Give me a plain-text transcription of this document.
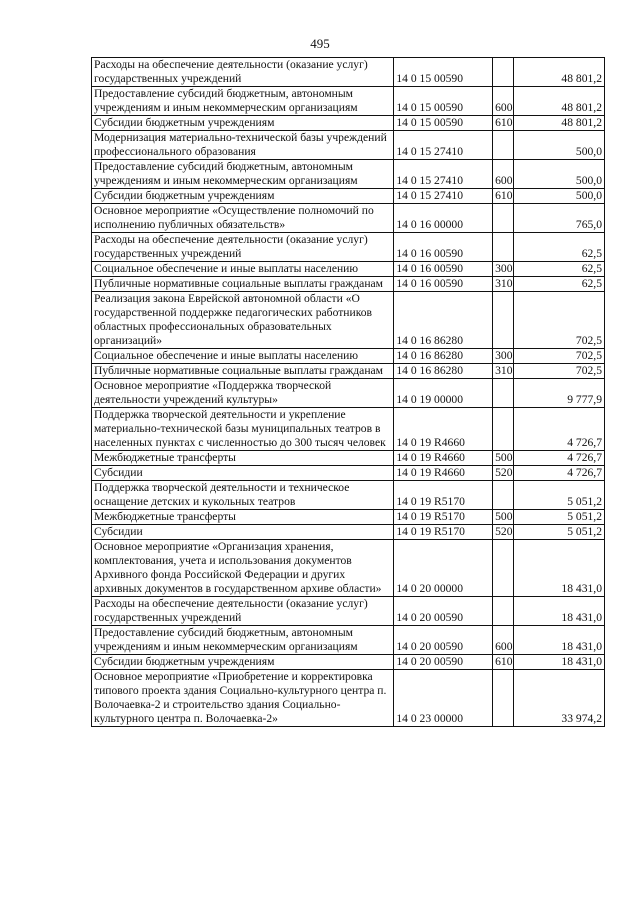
495
Расходы на обеспечение деятельности (оказание услуг) государственных учреждений	14 0 15 00590		48 801,2
Предоставление субсидий бюджетным, автономным учреждениям и иным некоммерческим организациям	14 0 15 00590	600	48 801,2
Субсидии бюджетным учреждениям	14 0 15 00590	610	48 801,2
Модернизация материально-технической базы учреждений профессионального образования	14 0 15 27410		500,0
Предоставление субсидий бюджетным, автономным учреждениям и иным некоммерческим организациям	14 0 15 27410	600	500,0
Субсидии бюджетным учреждениям	14 0 15 27410	610	500,0
Основное мероприятие «Осуществление полномочий по исполнению публичных обязательств»	14 0 16 00000		765,0
Расходы на обеспечение деятельности (оказание услуг) государственных учреждений	14 0 16 00590		62,5
Социальное обеспечение и иные выплаты населению	14 0 16 00590	300	62,5
Публичные нормативные социальные выплаты гражданам	14 0 16 00590	310	62,5
Реализация закона Еврейской автономной области «О государственной поддержке педагогических работников областных профессиональных образовательных организаций»	14 0 16 86280		702,5
Социальное обеспечение и иные выплаты населению	14 0 16 86280	300	702,5
Публичные нормативные социальные выплаты гражданам	14 0 16 86280	310	702,5
Основное мероприятие «Поддержка творческой деятельности учреждений культуры»	14 0 19 00000		9 777,9
Поддержка творческой деятельности и укрепление материально-технической базы муниципальных театров в населенных пунктах с численностью до 300 тысяч человек	14 0 19 R4660		4 726,7
Межбюджетные трансферты	14 0 19 R4660	500	4 726,7
Субсидии	14 0 19 R4660	520	4 726,7
Поддержка творческой деятельности и техническое оснащение детских и кукольных театров	14 0 19 R5170		5 051,2
Межбюджетные трансферты	14 0 19 R5170	500	5 051,2
Субсидии	14 0 19 R5170	520	5 051,2
Основное мероприятие «Организация хранения, комплектования, учета и использования документов Архивного фонда Российской Федерации и других архивных документов в государственном архиве области»	14 0 20 00000		18 431,0
Расходы на обеспечение деятельности (оказание услуг) государственных учреждений	14 0 20 00590		18 431,0
Предоставление субсидий бюджетным, автономным учреждениям и иным некоммерческим организациям	14 0 20 00590	600	18 431,0
Субсидии бюджетным учреждениям	14 0 20 00590	610	18 431,0
Основное мероприятие «Приобретение и корректировка типового проекта здания Социально-культурного центра п. Волочаевка-2 и строительство здания Социально-культурного центра п. Волочаевка-2»	14 0 23 00000		33 974,2
